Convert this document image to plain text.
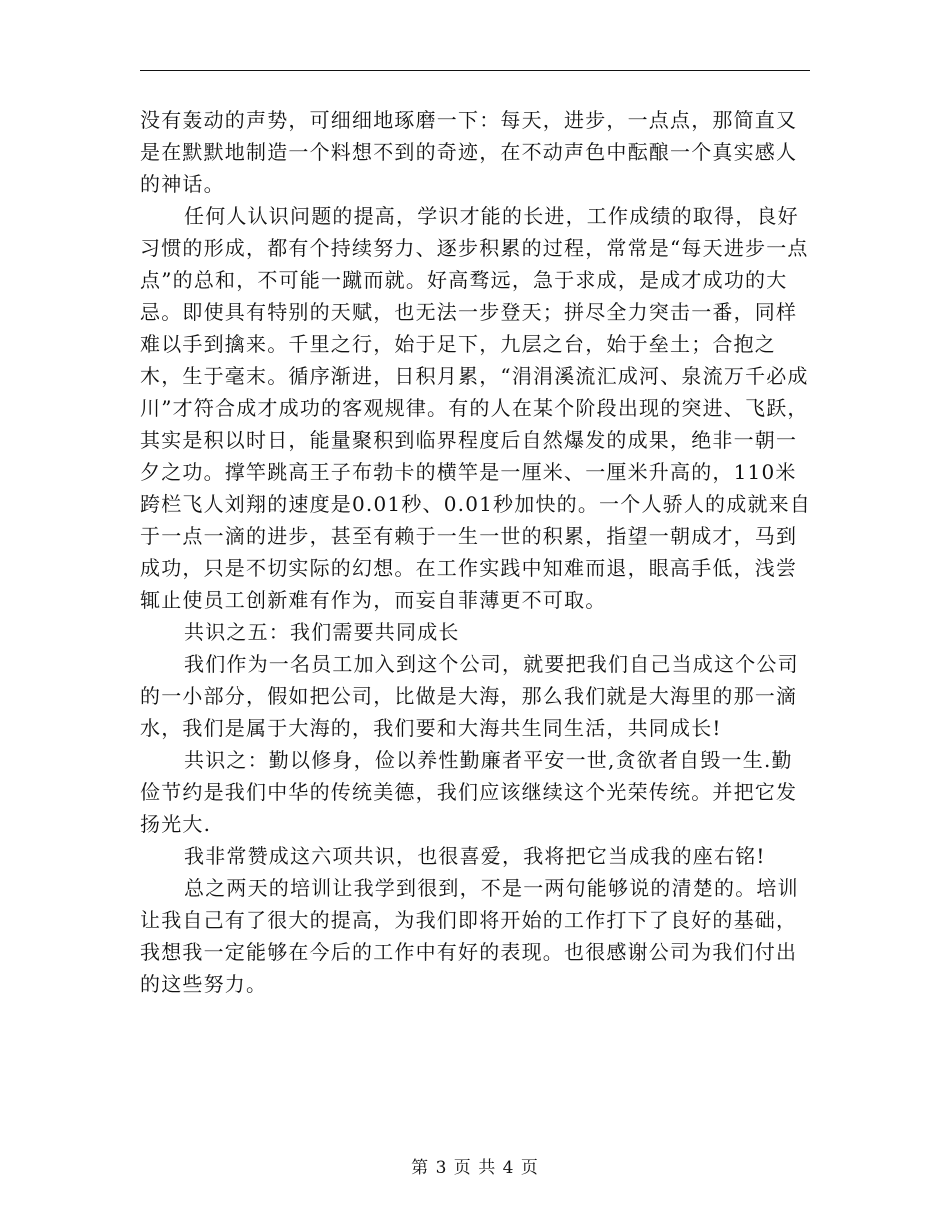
没有轰动的声势，可细细地琢磨一下：每天，进步，一点点，那简直又是在默默地制造一个料想不到的奇迹，在不动声色中酝酿一个真实感人的神话。

任何人认识问题的提高，学识才能的长进，工作成绩的取得，良好习惯的形成，都有个持续努力、逐步积累的过程，常常是“每天进步一点点”的总和，不可能一蹴而就。好高骛远，急于求成，是成才成功的大忌。即使具有特别的天赋，也无法一步登天；拼尽全力突击一番，同样难以手到擒来。千里之行，始于足下，九层之台，始于垒土；合抱之木，生于毫末。循序渐进，日积月累，“涓涓溪流汇成河、泉流万千必成川”才符合成才成功的客观规律。有的人在某个阶段出现的突进、飞跃，其实是积以时日，能量聚积到临界程度后自然爆发的成果，绝非一朝一夕之功。撑竿跳高王子布勃卡的横竿是一厘米、一厘米升高的，110米跨栏飞人刘翔的速度是0.01秒、0.01秒加快的。一个人骄人的成就来自于一点一滴的进步，甚至有赖于一生一世的积累，指望一朝成才，马到成功，只是不切实际的幻想。在工作实践中知难而退，眼高手低，浅尝辄止使员工创新难有作为，而妄自菲薄更不可取。

共识之五：我们需要共同成长

我们作为一名员工加入到这个公司，就要把我们自己当成这个公司的一小部分，假如把公司，比做是大海，那么我们就是大海里的那一滴水，我们是属于大海的，我们要和大海共生同生活，共同成长!

共识之：勤以修身，俭以养性勤廉者平安一世,贪欲者自毁一生.勤俭节约是我们中华的传统美德，我们应该继续这个光荣传统。并把它发扬光大.

我非常赞成这六项共识，也很喜爱，我将把它当成我的座右铭!

总之两天的培训让我学到很到，不是一两句能够说的清楚的。培训让我自己有了很大的提高，为我们即将开始的工作打下了良好的基础，我想我一定能够在今后的工作中有好的表现。也很感谢公司为我们付出的这些努力。

第 3 页 共 4 页
